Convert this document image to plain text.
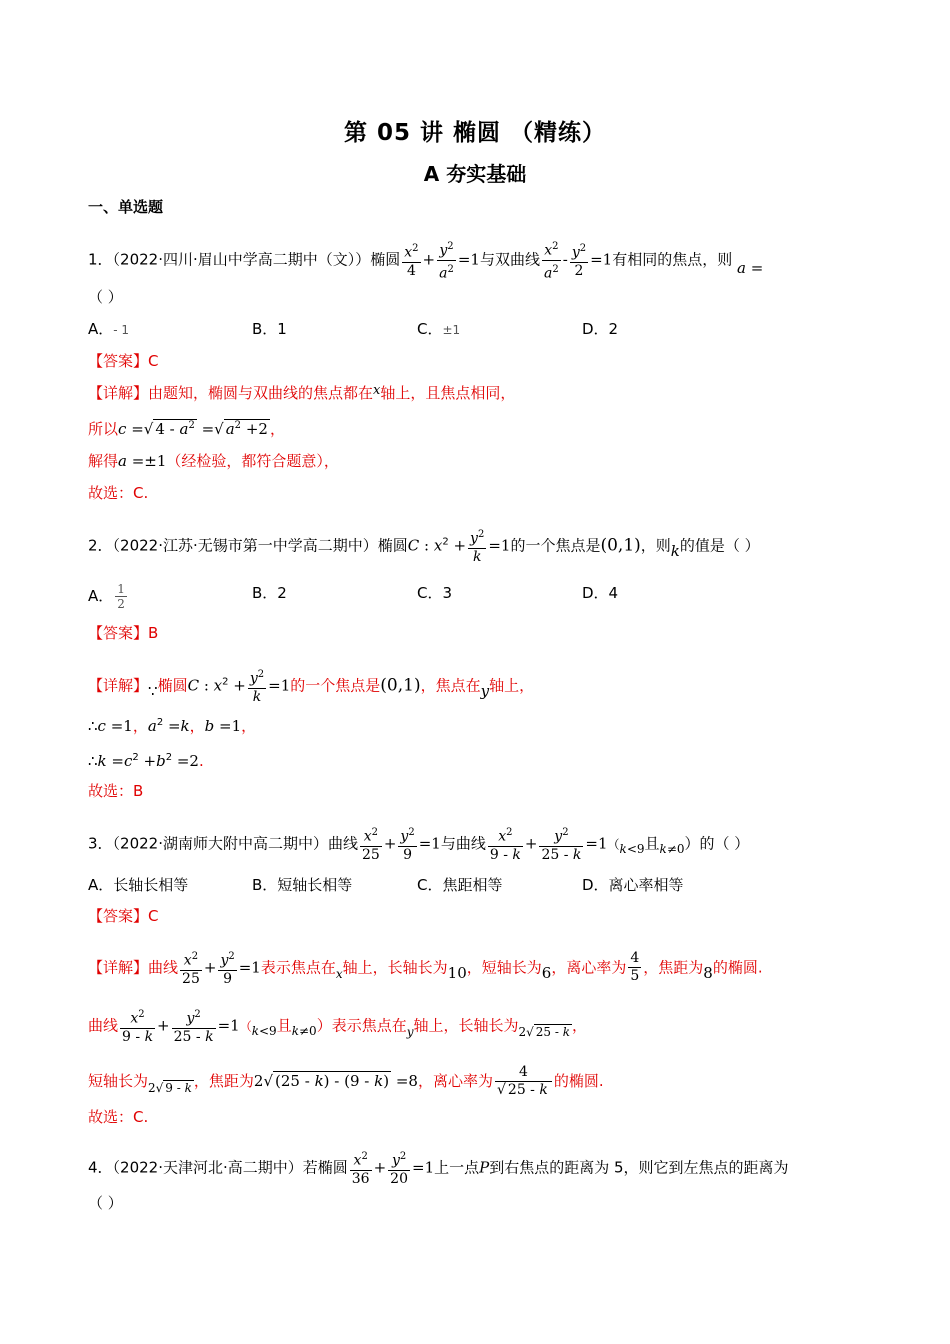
第 05 讲 椭圆 （精练）
A 夯实基础
一、单选题
1．（2022·四川·眉山中学高二期中（文））椭圆 $\frac{x^2}{4} + \frac{y^2}{a^2} =1$与双曲线 $\frac{x^2}{a^2} - \frac{y^2}{2} =1$有相同的焦点，则 a =
（ ）
A．- 1	B．1	C．±1	D．2
【答案】C
【详解】由题知，椭圆与双曲线的焦点都在x轴上，且焦点相同，
所以c =√ $4 - a^2$ =√ $a^2 +2$ ，
解得a =±1（经检验，都符合题意），
故选：C.
2．（2022·江苏·无锡市第一中学高二期中）椭圆C : $x^2 + \frac{y^2}{k} =1$的一个焦点是(0,1)，则k的值是（ ）
A． $\frac{1}{2}$	B．2	C．3	D．4
【答案】B
【详解】∵椭圆C : $x^2 + \frac{y^2}{k} =1$的一个焦点是(0,1)，焦点在y轴上，
∴c =1，$a^2 =k$，b =1，
∴k $=c^2 +b^2 =2$.
故选：B
3．（2022·湖南师大附中高二期中）曲线 $\frac{x^2}{25} + \frac{y^2}{9} =1$与曲线 $\frac{x^2}{9 - k} + \frac{y^2}{25 - k} =1(_{k<9}$且$_{k\ne 0}$）的（ ）
A．长轴长相等	B．短轴长相等	C．焦距相等	D．离心率相等
【答案】C
【详解】曲线 $\frac{x^2}{25} + \frac{y^2}{9} =1$表示焦点在$_x$轴上，长轴长为10，短轴长为6，离心率为 $\frac{4}{5}$ ，焦距为8的椭圆.
曲线 $\frac{x^2}{9 - k} + \frac{y^2}{25 - k} =1(_{k<9}$且$_{k\ne 0}$）表示焦点在$_y$轴上，长轴长为$_{2√ 25 - k}$ ，
短轴长为$_{2√ 9 - k}$ ，焦距为2√ (25 - k) - (9 - k) =8，离心率为 $\frac{4}{√ 25 - k}$ 的椭圆.
故选：C.
4．（2022·天津河北·高二期中）若椭圆 $\frac{x^2}{36} + \frac{y^2}{20} =1$上一点P到右焦点的距离为 5，则它到左焦点的距离为
（ ）
